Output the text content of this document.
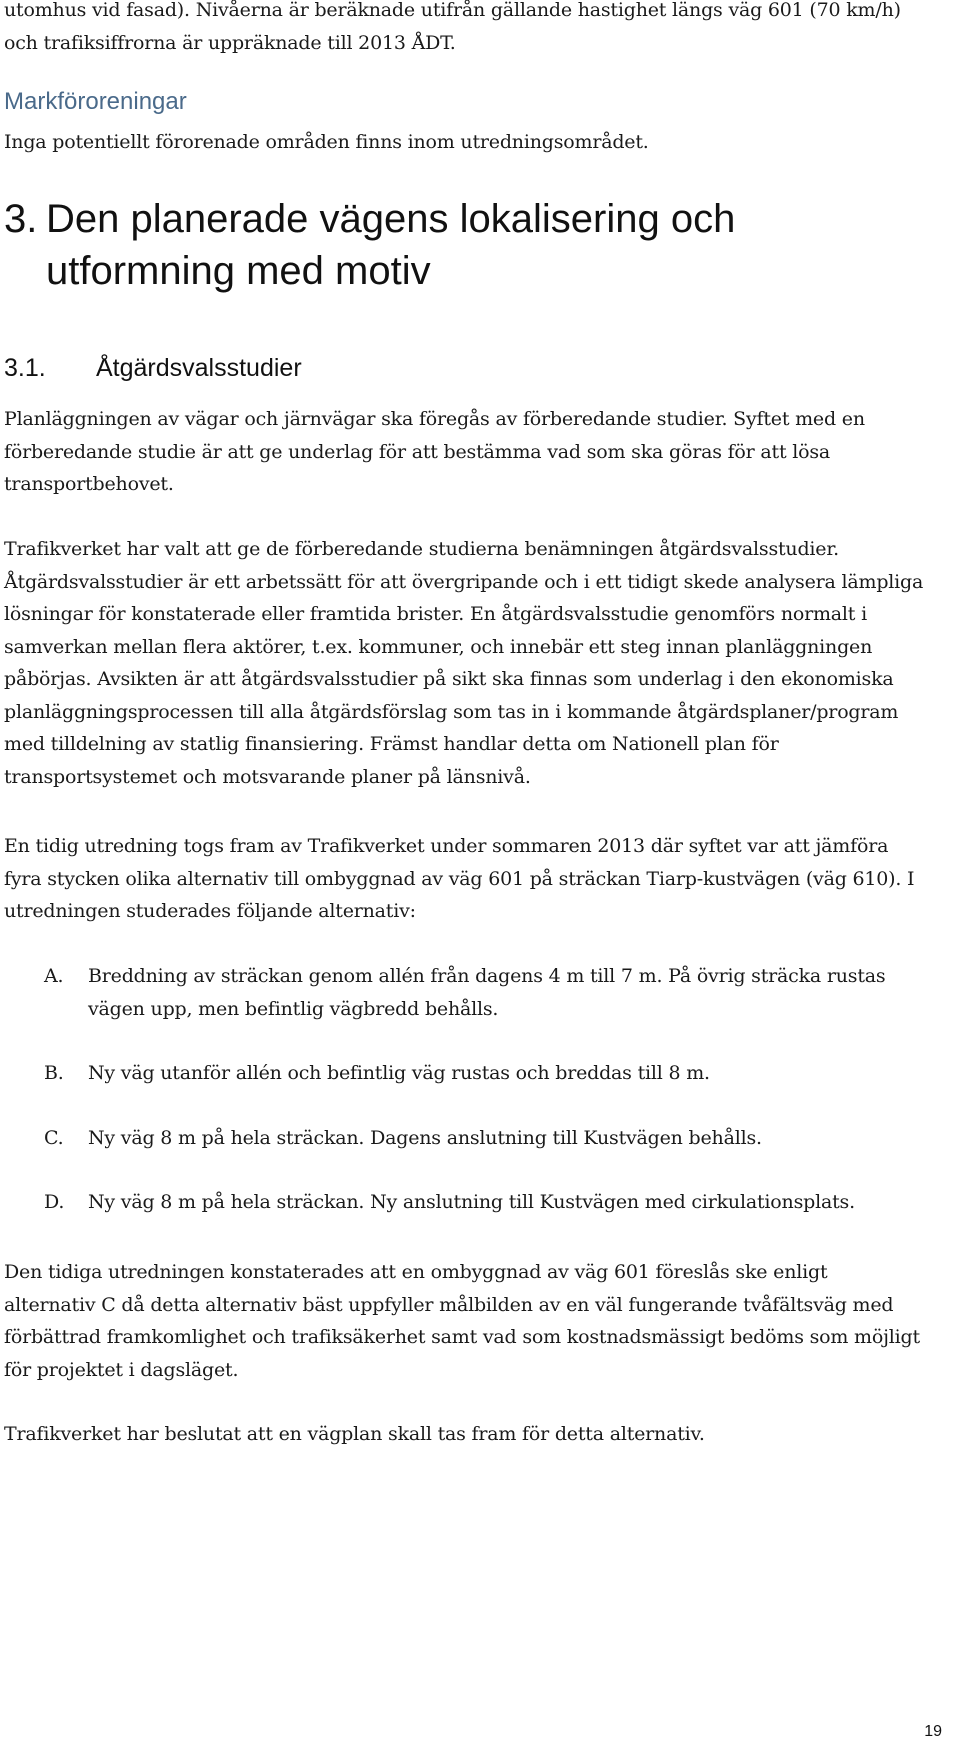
utomhus vid fasad). Nivåerna är beräknade utifrån gällande hastighet längs väg 601 (70 km/h) och trafiksiffrorna är uppräknade till 2013 ÅDT.

Markföroreningar

Inga potentiellt förorenade områden finns inom utredningsområdet.

3. Den planerade vägens lokalisering och utformning med motiv
3.1.	Åtgärdsvalsstudier

Planläggningen av vägar och järnvägar ska föregås av förberedande studier. Syftet med en förberedande studie är att ge underlag för att bestämma vad som ska göras för att lösa transportbehovet.

Trafikverket har valt att ge de förberedande studierna benämningen åtgärdsvalsstudier. Åtgärdsvalsstudier är ett arbetssätt för att övergripande och i ett tidigt skede analysera lämpliga lösningar för konstaterade eller framtida brister. En åtgärdsvalsstudie genomförs normalt i samverkan mellan flera aktörer, t.ex. kommuner, och innebär ett steg innan planläggningen påbörjas. Avsikten är att åtgärdsvalsstudier på sikt ska finnas som underlag i den ekonomiska planläggningsprocessen till alla åtgärdsförslag som tas in i kommande åtgärdsplaner/program med tilldelning av statlig finansiering. Främst handlar detta om Nationell plan för transportsystemet och motsvarande planer på länsnivå.

En tidig utredning togs fram av Trafikverket under sommaren 2013 där syftet var att jämföra fyra stycken olika alternativ till ombyggnad av väg 601 på sträckan Tiarp-kustvägen (väg 610). I utredningen studerades följande alternativ:

A.	Breddning av sträckan genom allén från dagens 4 m till 7 m. På övrig sträcka rustas vägen upp, men befintlig vägbredd behålls.
B.	Ny väg utanför allén och befintlig väg rustas och breddas till 8 m.
C.	Ny väg 8 m på hela sträckan. Dagens anslutning till Kustvägen behålls.
D.	Ny väg 8 m på hela sträckan. Ny anslutning till Kustvägen med cirkulationsplats.

Den tidiga utredningen konstaterades att en ombyggnad av väg 601 föreslås ske enligt alternativ C då detta alternativ bäst uppfyller målbilden av en väl fungerande tvåfältsväg med förbättrad framkomlighet och trafiksäkerhet samt vad som kostnadsmässigt bedöms som möjligt för projektet i dagsläget.

Trafikverket har beslutat att en vägplan skall tas fram för detta alternativ.

19
